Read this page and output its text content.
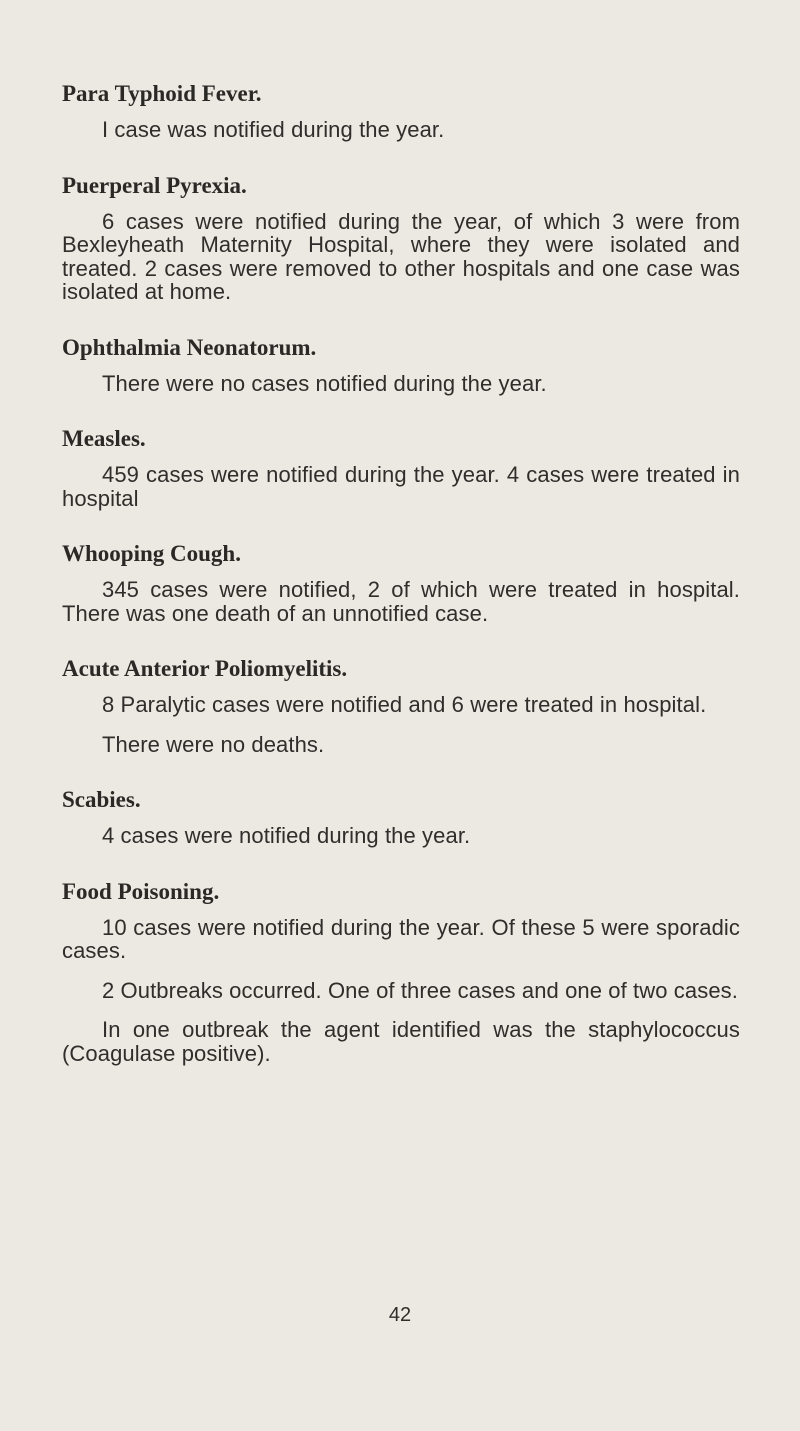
Para Typhoid Fever.

I case was notified during the year.

Puerperal Pyrexia.

6 cases were notified during the year, of which 3 were from Bexleyheath Maternity Hospital, where they were isolated and treated. 2 cases were removed to other hospitals and one case was isolated at home.

Ophthalmia Neonatorum.

There were no cases notified during the year.

Measles.

459 cases were notified during the year. 4 cases were treated in hospital

Whooping Cough.

345 cases were notified, 2 of which were treated in hospital. There was one death of an unnotified case.

Acute Anterior Poliomyelitis.

8 Paralytic cases were notified and 6 were treated in hospital.

There were no deaths.

Scabies.

4 cases were notified during the year.

Food Poisoning.

10 cases were notified during the year. Of these 5 were sporadic cases.

2 Outbreaks occurred. One of three cases and one of two cases.

In one outbreak the agent identified was the staphylococcus (Coagulase positive).

42
